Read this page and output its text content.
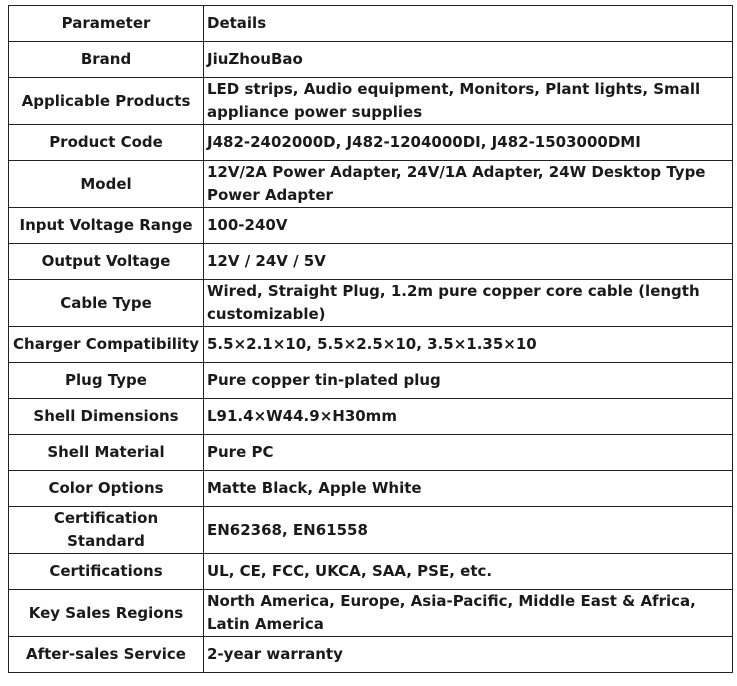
Parameter	Details
Brand	JiuZhouBao
Applicable Products	LED strips, Audio equipment, Monitors, Plant lights, Small appliance power supplies
Product Code	J482-2402000D, J482-1204000DI, J482-1503000DMI
Model	12V/2A Power Adapter, 24V/1A Adapter, 24W Desktop Type Power Adapter
Input Voltage Range	100-240V
Output Voltage	12V / 24V / 5V
Cable Type	Wired, Straight Plug, 1.2m pure copper core cable (length customizable)
Charger Compatibility	5.5×2.1×10, 5.5×2.5×10, 3.5×1.35×10
Plug Type	Pure copper tin-plated plug
Shell Dimensions	L91.4×W44.9×H30mm
Shell Material	Pure PC
Color Options	Matte Black, Apple White
Certification Standard	EN62368, EN61558
Certifications	UL, CE, FCC, UKCA, SAA, PSE, etc.
Key Sales Regions	North America, Europe, Asia-Pacific, Middle East & Africa, Latin America
After-sales Service	2-year warranty
